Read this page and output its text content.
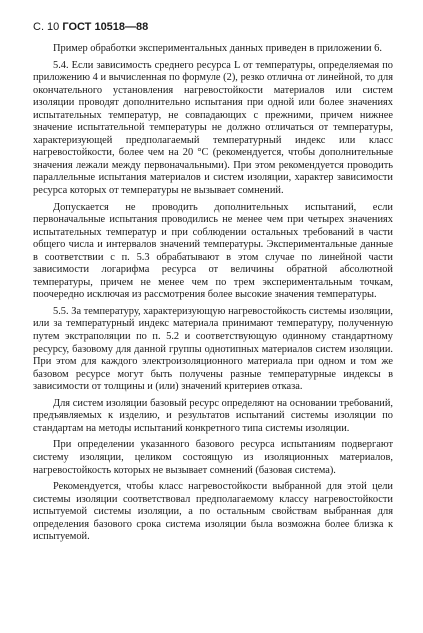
С. 10 ГОСТ 10518—88

Пример обработки экспериментальных данных приведен в приложении 6.

5.4. Если зависимость среднего ресурса L от температуры, определяемая по приложению 4 и вычисленная по формуле (2), резко отлична от линейной, то для окончательного установления нагревостойкости материалов или систем изоляции проводят дополнительно испытания при одной или более значениях испытательных температур, не совпадающих с прежними, причем нижнее значение испытательной температуры не должно отличаться от температуры, характеризующей предполагаемый температурный индекс или класс нагревостойкости, более чем на 20 °C (рекомендуется, чтобы дополнительные значения лежали между первоначальными). При этом рекомендуется проводить параллельные испытания материалов и систем изоляции, характер зависимости ресурса которых от температуры не вызывает сомнений.

Допускается не проводить дополнительных испытаний, если первоначальные испытания проводились не менее чем при четырех значениях испытательных температур и при соблюдении остальных требований в части общего числа и интервалов значений температуры. Экспериментальные данные в соответствии с п. 5.3 обрабатывают в этом случае по линейной части зависимости логарифма ресурса от величины обратной абсолютной температуры, причем не менее чем по трем экспериментальным точкам, поочередно исключая из рассмотрения более высокие значения температуры.

5.5. За температуру, характеризующую нагревостойкость системы изоляции, или за температурный индекс материала принимают температуру, полученную путем экстраполяции по п. 5.2 и соответствующую одинному стандартному ресурсу, базовому для данной группы однотипных материалов систем изоляции. При этом для каждого электроизоляционного материала при одном и том же базовом ресурсе могут быть получены разные температурные индексы в зависимости от толщины и (или) значений критериев отказа.

Для систем изоляции базовый ресурс определяют на основании требований, предъявляемых к изделию, и результатов испытаний системы изоляции по стандартам на методы испытаний конкретного типа системы изоляции.

При определении указанного базового ресурса испытаниям подвергают систему изоляции, целиком состоящую из изоляционных материалов, нагревостойкость которых не вызывает сомнений (базовая система).

Рекомендуется, чтобы класс нагревостойкости выбранной для этой цели системы изоляции соответствовал предполагаемому классу нагревостойкости испытуемой системы изоляции, а по остальным свойствам выбранная для определения базового срока система изоляции была возможна более близка к испытуемой.
